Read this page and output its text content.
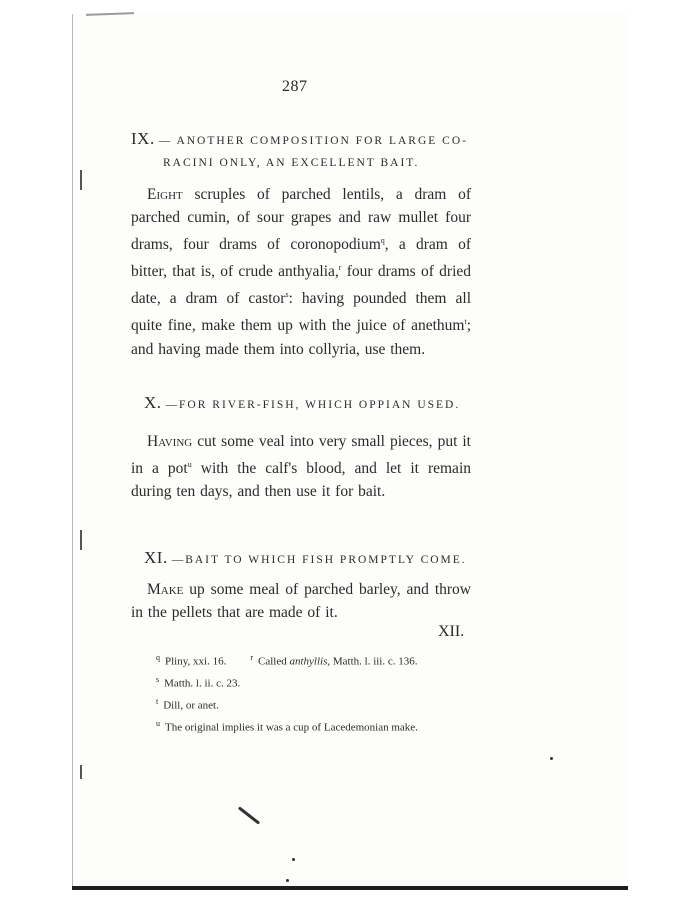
287
IX. — ANOTHER COMPOSITION FOR LARGE CO-
RACINI ONLY, AN EXCELLENT BAIT.
Eight scruples of parched lentils, a dram of parched cumin, of sour grapes and raw mullet four drams, four drams of coronopodium$^q$, a dram of bitter, that is, of crude anthyalia,$^r$ four drams of dried date, a dram of castor$^s$: having pounded them all quite fine, make them up with the juice of anethum$^t$; and having made them into collyria, use them.
X. —FOR RIVER-FISH, WHICH OPPIAN USED.
Having cut some veal into very small pieces, put it in a pot$^u$ with the calf's blood, and let it remain during ten days, and then use it for bait.
XI. —BAIT TO WHICH FISH PROMPTLY COME.
Make up some meal of parched barley, and throw in the pellets that are made of it.
XII.
$^q$ Pliny, xxi. 16.	$^r$ Called anthyllis, Matth. l. iii. c. 136.
$^s$ Matth. l. ii. c. 23.
$^t$ Dill, or anet.
$^u$ The original implies it was a cup of Lacedemonian make.
